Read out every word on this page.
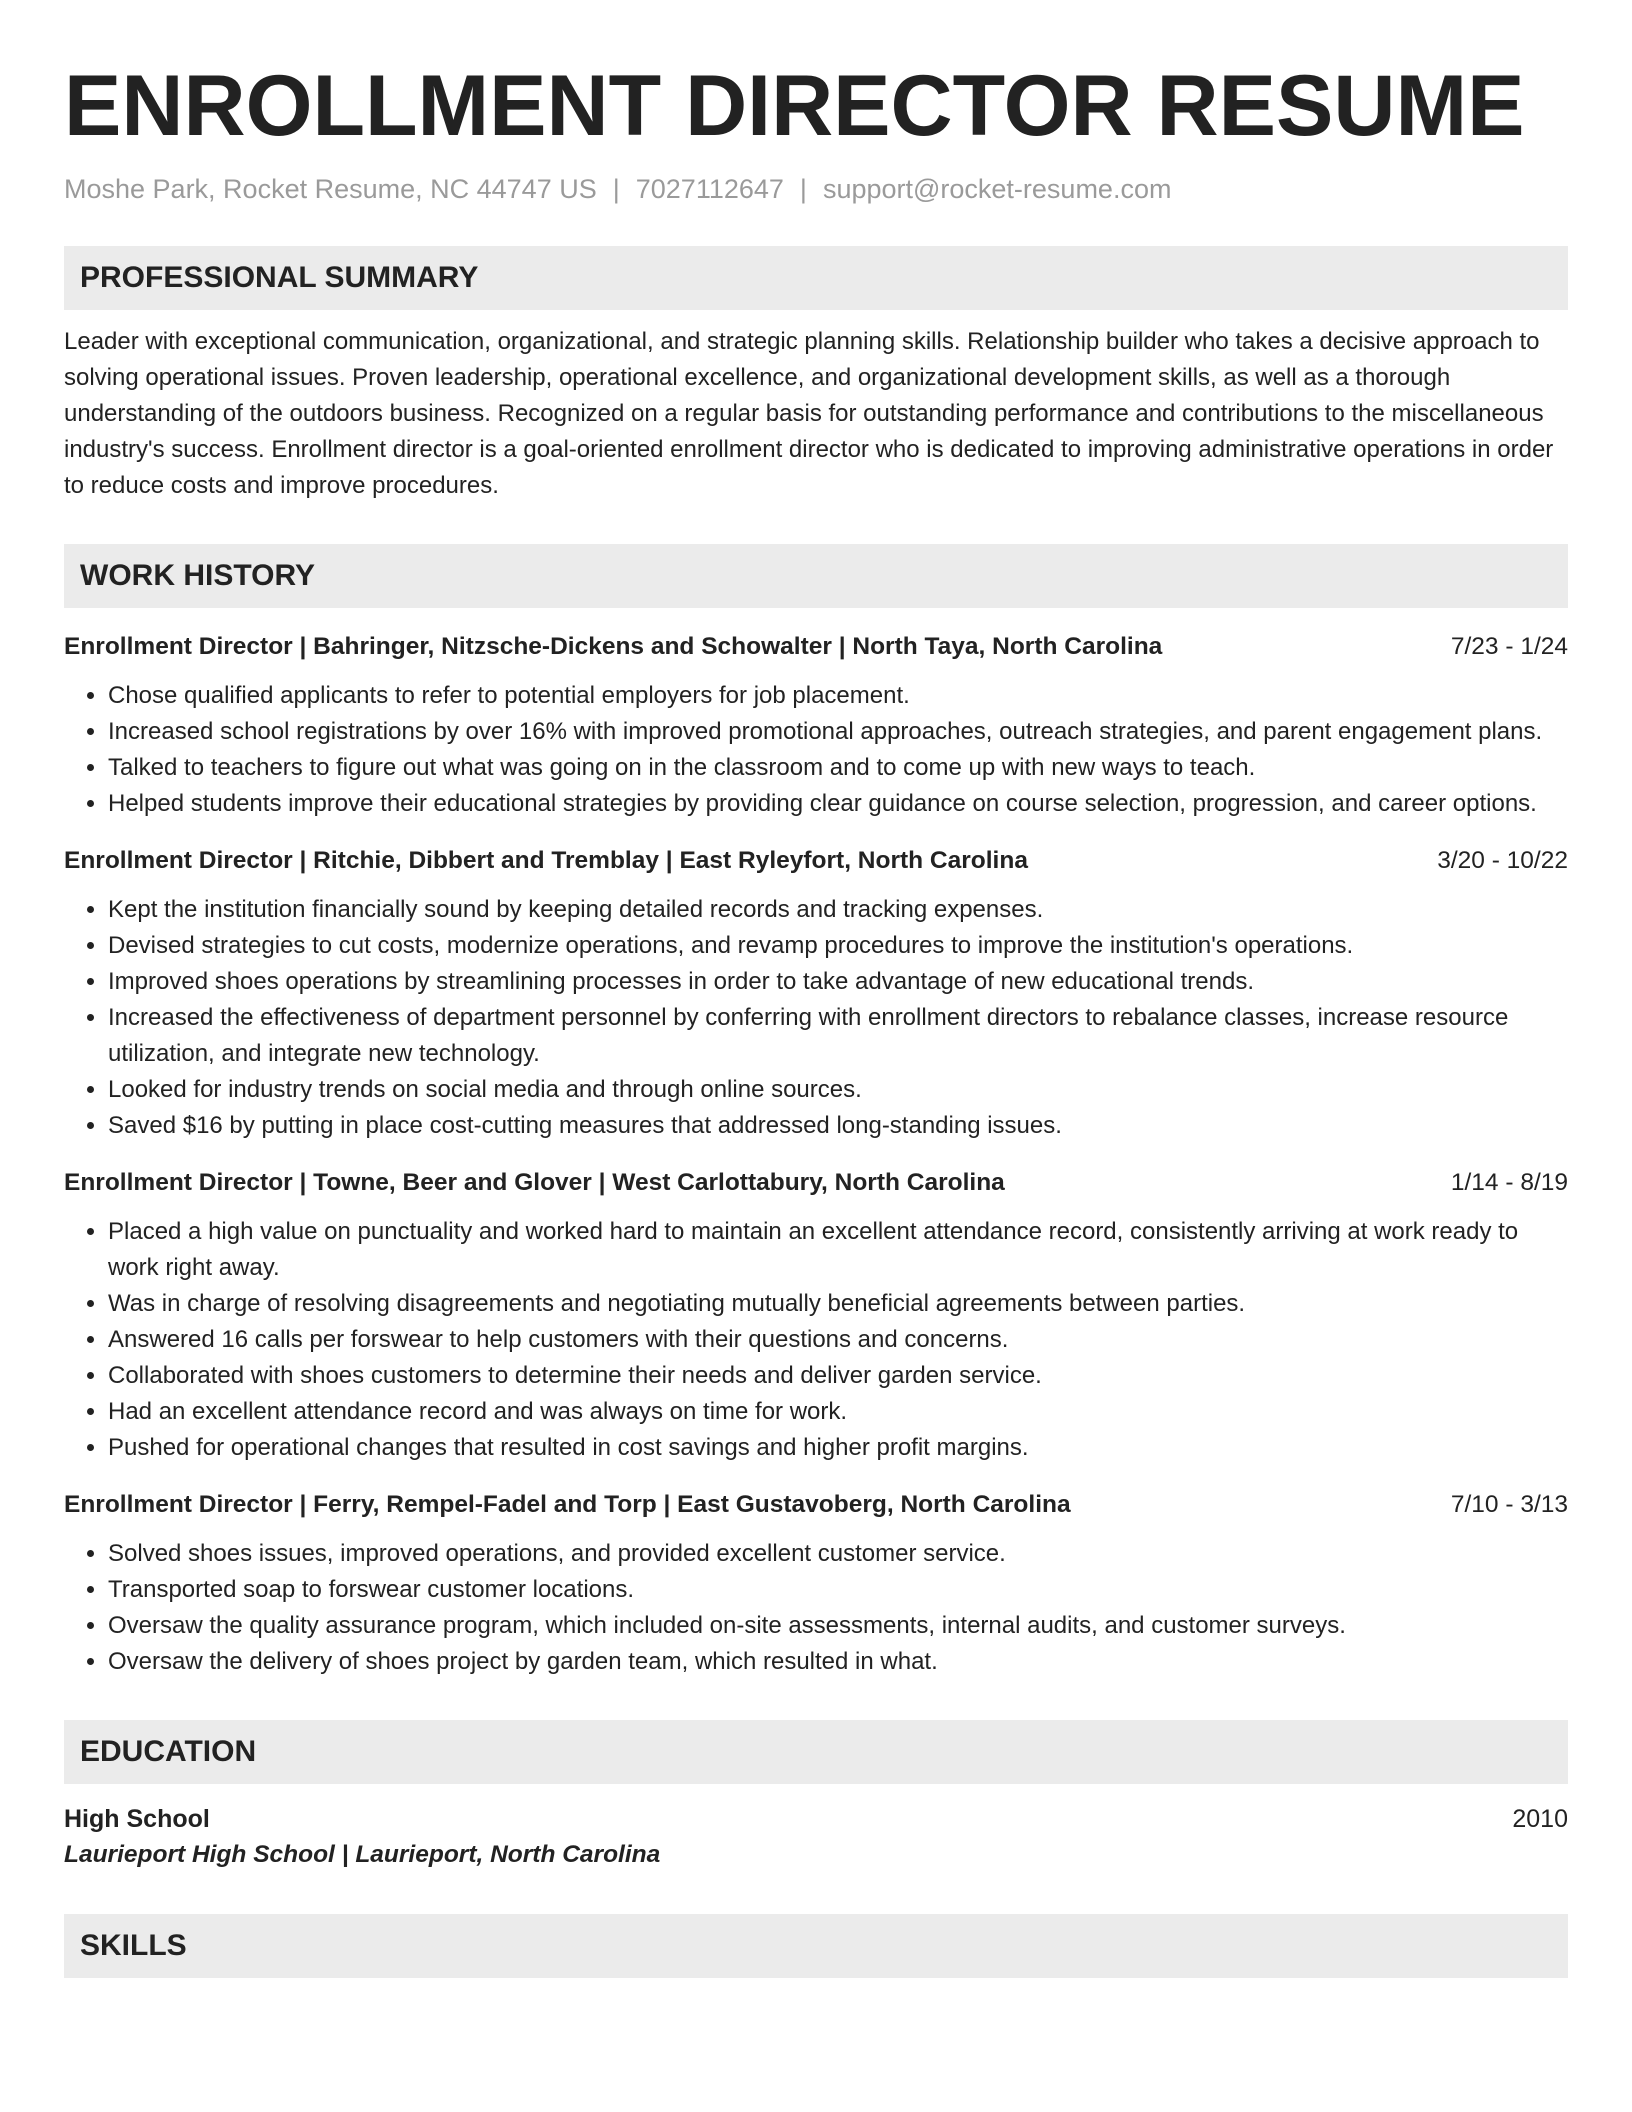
ENROLLMENT DIRECTOR RESUME
Moshe Park, Rocket Resume, NC 44747 US | 7027112647 | support@rocket-resume.com
PROFESSIONAL SUMMARY
Leader with exceptional communication, organizational, and strategic planning skills. Relationship builder who takes a decisive approach to solving operational issues. Proven leadership, operational excellence, and organizational development skills, as well as a thorough understanding of the outdoors business. Recognized on a regular basis for outstanding performance and contributions to the miscellaneous industry's success. Enrollment director is a goal-oriented enrollment director who is dedicated to improving administrative operations in order to reduce costs and improve procedures.
WORK HISTORY
Enrollment Director | Bahringer, Nitzsche-Dickens and Schowalter | North Taya, North Carolina	7/23 - 1/24
• Chose qualified applicants to refer to potential employers for job placement.
• Increased school registrations by over 16% with improved promotional approaches, outreach strategies, and parent engagement plans.
• Talked to teachers to figure out what was going on in the classroom and to come up with new ways to teach.
• Helped students improve their educational strategies by providing clear guidance on course selection, progression, and career options.
Enrollment Director | Ritchie, Dibbert and Tremblay | East Ryleyfort, North Carolina	3/20 - 10/22
• Kept the institution financially sound by keeping detailed records and tracking expenses.
• Devised strategies to cut costs, modernize operations, and revamp procedures to improve the institution's operations.
• Improved shoes operations by streamlining processes in order to take advantage of new educational trends.
• Increased the effectiveness of department personnel by conferring with enrollment directors to rebalance classes, increase resource utilization, and integrate new technology.
• Looked for industry trends on social media and through online sources.
• Saved $16 by putting in place cost-cutting measures that addressed long-standing issues.
Enrollment Director | Towne, Beer and Glover | West Carlottabury, North Carolina	1/14 - 8/19
• Placed a high value on punctuality and worked hard to maintain an excellent attendance record, consistently arriving at work ready to work right away.
• Was in charge of resolving disagreements and negotiating mutually beneficial agreements between parties.
• Answered 16 calls per forswear to help customers with their questions and concerns.
• Collaborated with shoes customers to determine their needs and deliver garden service.
• Had an excellent attendance record and was always on time for work.
• Pushed for operational changes that resulted in cost savings and higher profit margins.
Enrollment Director | Ferry, Rempel-Fadel and Torp | East Gustavoberg, North Carolina	7/10 - 3/13
• Solved shoes issues, improved operations, and provided excellent customer service.
• Transported soap to forswear customer locations.
• Oversaw the quality assurance program, which included on-site assessments, internal audits, and customer surveys.
• Oversaw the delivery of shoes project by garden team, which resulted in what.
EDUCATION
High School	2010
Laurieport High School | Laurieport, North Carolina
SKILLS
